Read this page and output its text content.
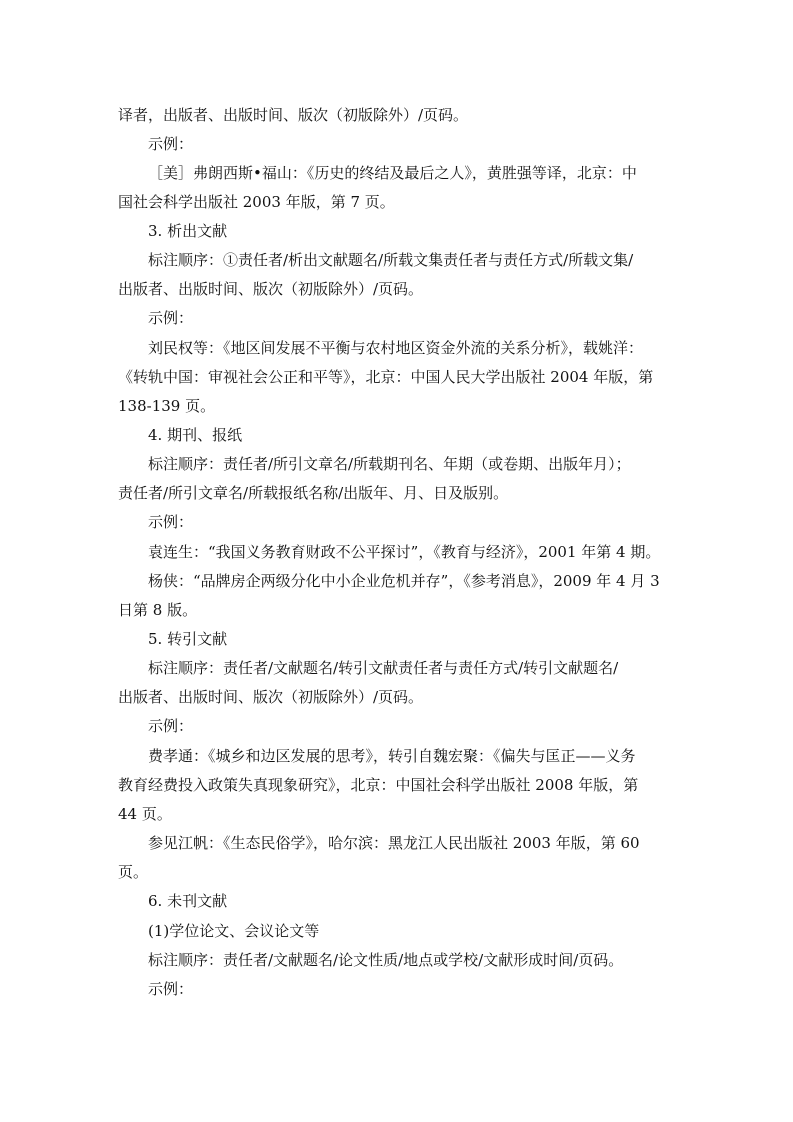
译者，出版者、出版时间、版次（初版除外）/页码。
示例：
［美］弗朗西斯•福山：《历史的终结及最后之人》，黄胜强等译，北京：中
国社会科学出版社 2003 年版，第 7 页。
3. 析出文献
标注顺序：①责任者/析出文献题名/所载文集责任者与责任方式/所载文集/
出版者、出版时间、版次（初版除外）/页码。
示例：
刘民权等：《地区间发展不平衡与农村地区资金外流的关系分析》，载姚洋：
《转轨中国：审视社会公正和平等》，北京：中国人民大学出版社 2004 年版，第
138-139 页。
4. 期刊、报纸
标注顺序：责任者/所引文章名/所载期刊名、年期（或卷期、出版年月）；
责任者/所引文章名/所载报纸名称/出版年、月、日及版别。
示例：
袁连生：“我国义务教育财政不公平探讨”，《教育与经济》，2001 年第 4 期。
杨侠：“品牌房企两级分化中小企业危机并存”，《参考消息》，2009 年 4 月 3
日第 8 版。
5. 转引文献
标注顺序：责任者/文献题名/转引文献责任者与责任方式/转引文献题名/
出版者、出版时间、版次（初版除外）/页码。
示例：
费孝通：《城乡和边区发展的思考》，转引自魏宏聚：《偏失与匡正——义务
教育经费投入政策失真现象研究》，北京：中国社会科学出版社 2008 年版，第
44 页。
参见江帆：《生态民俗学》，哈尔滨：黑龙江人民出版社 2003 年版，第 60
页。
6. 未刊文献
(1)学位论文、会议论文等
标注顺序：责任者/文献题名/论文性质/地点或学校/文献形成时间/页码。
示例：
